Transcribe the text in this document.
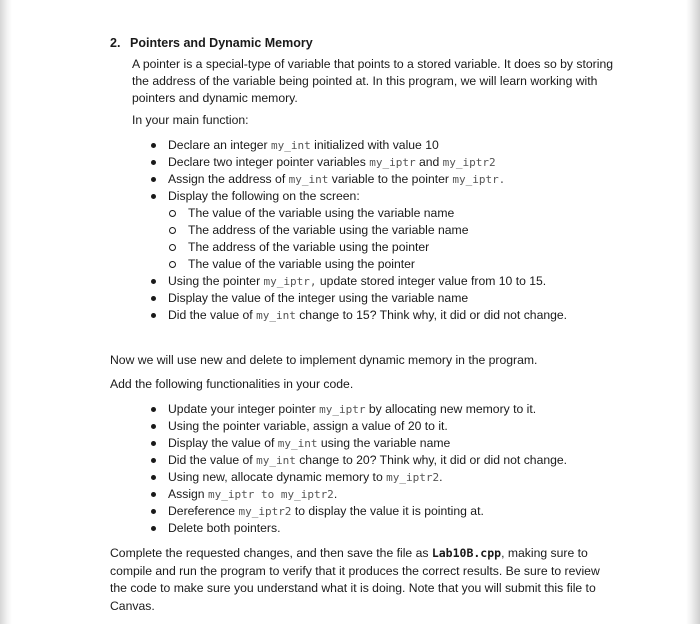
2. Pointers and Dynamic Memory
A pointer is a special-type of variable that points to a stored variable. It does so by storing
the address of the variable being pointed at. In this program, we will learn working with
pointers and dynamic memory.
In your main function:
Declare an integer my_int initialized with value 10
Declare two integer pointer variables my_iptr and my_iptr2
Assign the address of my_int variable to the pointer my_iptr.
Display the following on the screen:
The value of the variable using the variable name
The address of the variable using the variable name
The address of the variable using the pointer
The value of the variable using the pointer
Using the pointer my_iptr, update stored integer value from 10 to 15.
Display the value of the integer using the variable name
Did the value of my_int change to 15? Think why, it did or did not change.
Now we will use new and delete to implement dynamic memory in the program.
Add the following functionalities in your code.
Update your integer pointer my_iptr by allocating new memory to it.
Using the pointer variable, assign a value of 20 to it.
Display the value of my_int using the variable name
Did the value of my_int change to 20? Think why, it did or did not change.
Using new, allocate dynamic memory to my_iptr2.
Assign my_iptr to my_iptr2.
Dereference my_iptr2 to display the value it is pointing at.
Delete both pointers.
Complete the requested changes, and then save the file as Lab10B.cpp, making sure to
compile and run the program to verify that it produces the correct results. Be sure to review
the code to make sure you understand what it is doing. Note that you will submit this file to
Canvas.
